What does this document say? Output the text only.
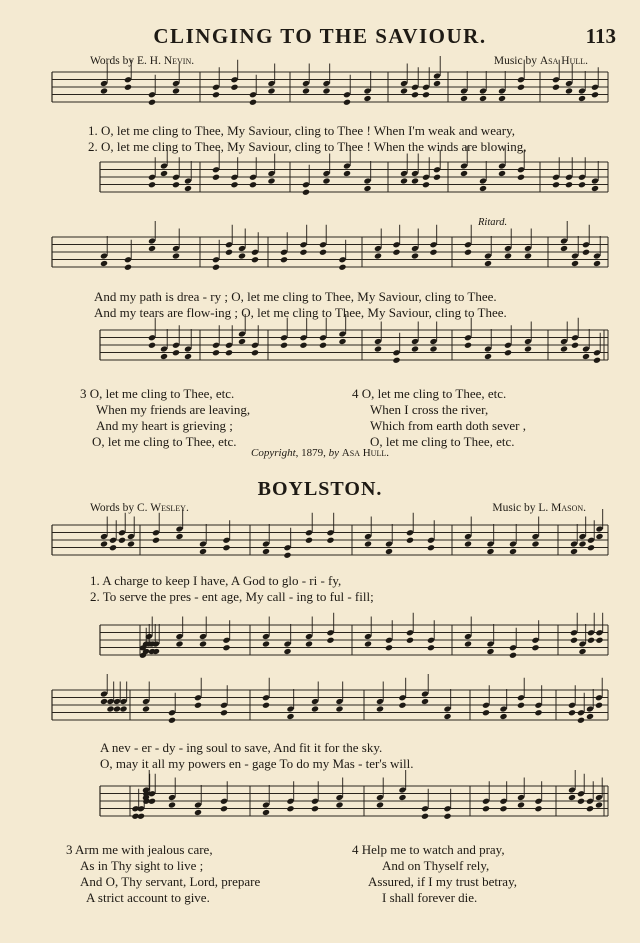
CLINGING TO THE SAVIOUR.	113
Words by E. H. Nevin.	Music by Asa Hull.
1. O, let me cling to Thee, My Saviour, cling to Thee ! When I'm weak and weary,
2. O, let me cling to Thee, My Saviour, cling to Thee ! When the winds are blowing,
Ritard.
And my path is drea - ry ; O, let me cling to Thee, My Saviour, cling to Thee.
And my tears are flow-ing ; O, let me cling to Thee, My Saviour, cling to Thee.
3 O, let me cling to Thee, etc.
When my friends are leaving,
And my heart is grieving ;
O, let me cling to Thee, etc.
4 O, let me cling to Thee, etc.
When I cross the river,
Which from earth doth sever ,
O, let me cling to Thee, etc.
Copyright, 1879, by Asa Hull.
BOYLSTON.
Words by C. Wesley.	Music by L. Mason.
1. A charge to keep I have, A God to glo - ri - fy,
2. To serve the pres - ent age, My call - ing to ful - fill;
A nev - er - dy - ing soul to save, And fit it for the sky.
O, may it all my powers en - gage To do my Mas - ter's will.
3 Arm me with jealous care,
As in Thy sight to live ;
And O, Thy servant, Lord, prepare
A strict account to give.
4 Help me to watch and pray,
And on Thyself rely,
Assured, if I my trust betray,
I shall forever die.
